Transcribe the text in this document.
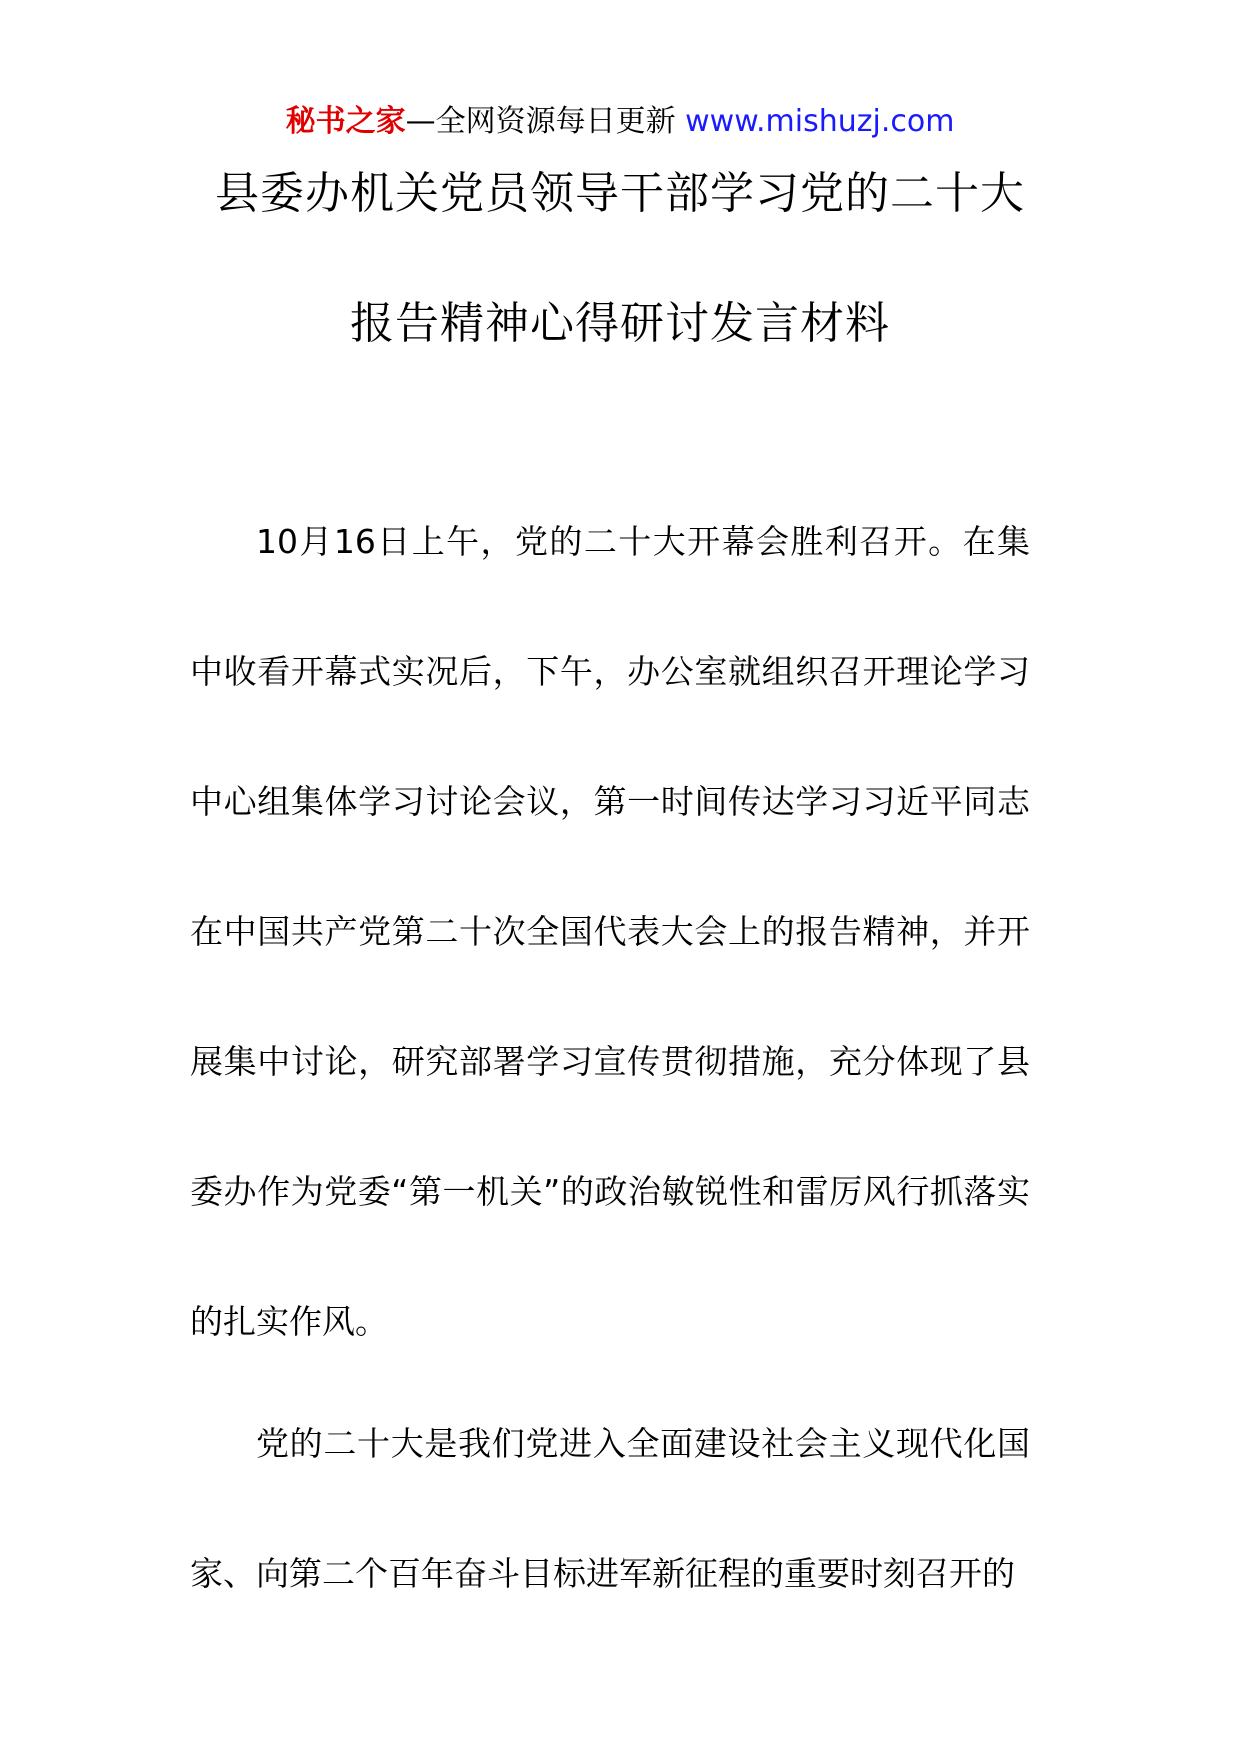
秘书之家—全网资源每日更新 www.mishuzj.com
县委办机关党员领导干部学习党的二十大
报告精神心得研讨发言材料

10月16日上午，党的二十大开幕会胜利召开。在集中收看开幕式实况后，下午，办公室就组织召开理论学习中心组集体学习讨论会议，第一时间传达学习习近平同志在中国共产党第二十次全国代表大会上的报告精神，并开展集中讨论，研究部署学习宣传贯彻措施，充分体现了县委办作为党委“第一机关”的政治敏锐性和雷厉风行抓落实的扎实作风。

党的二十大是我们党进入全面建设社会主义现代化国家、向第二个百年奋斗目标进军新征程的重要时刻召开的
